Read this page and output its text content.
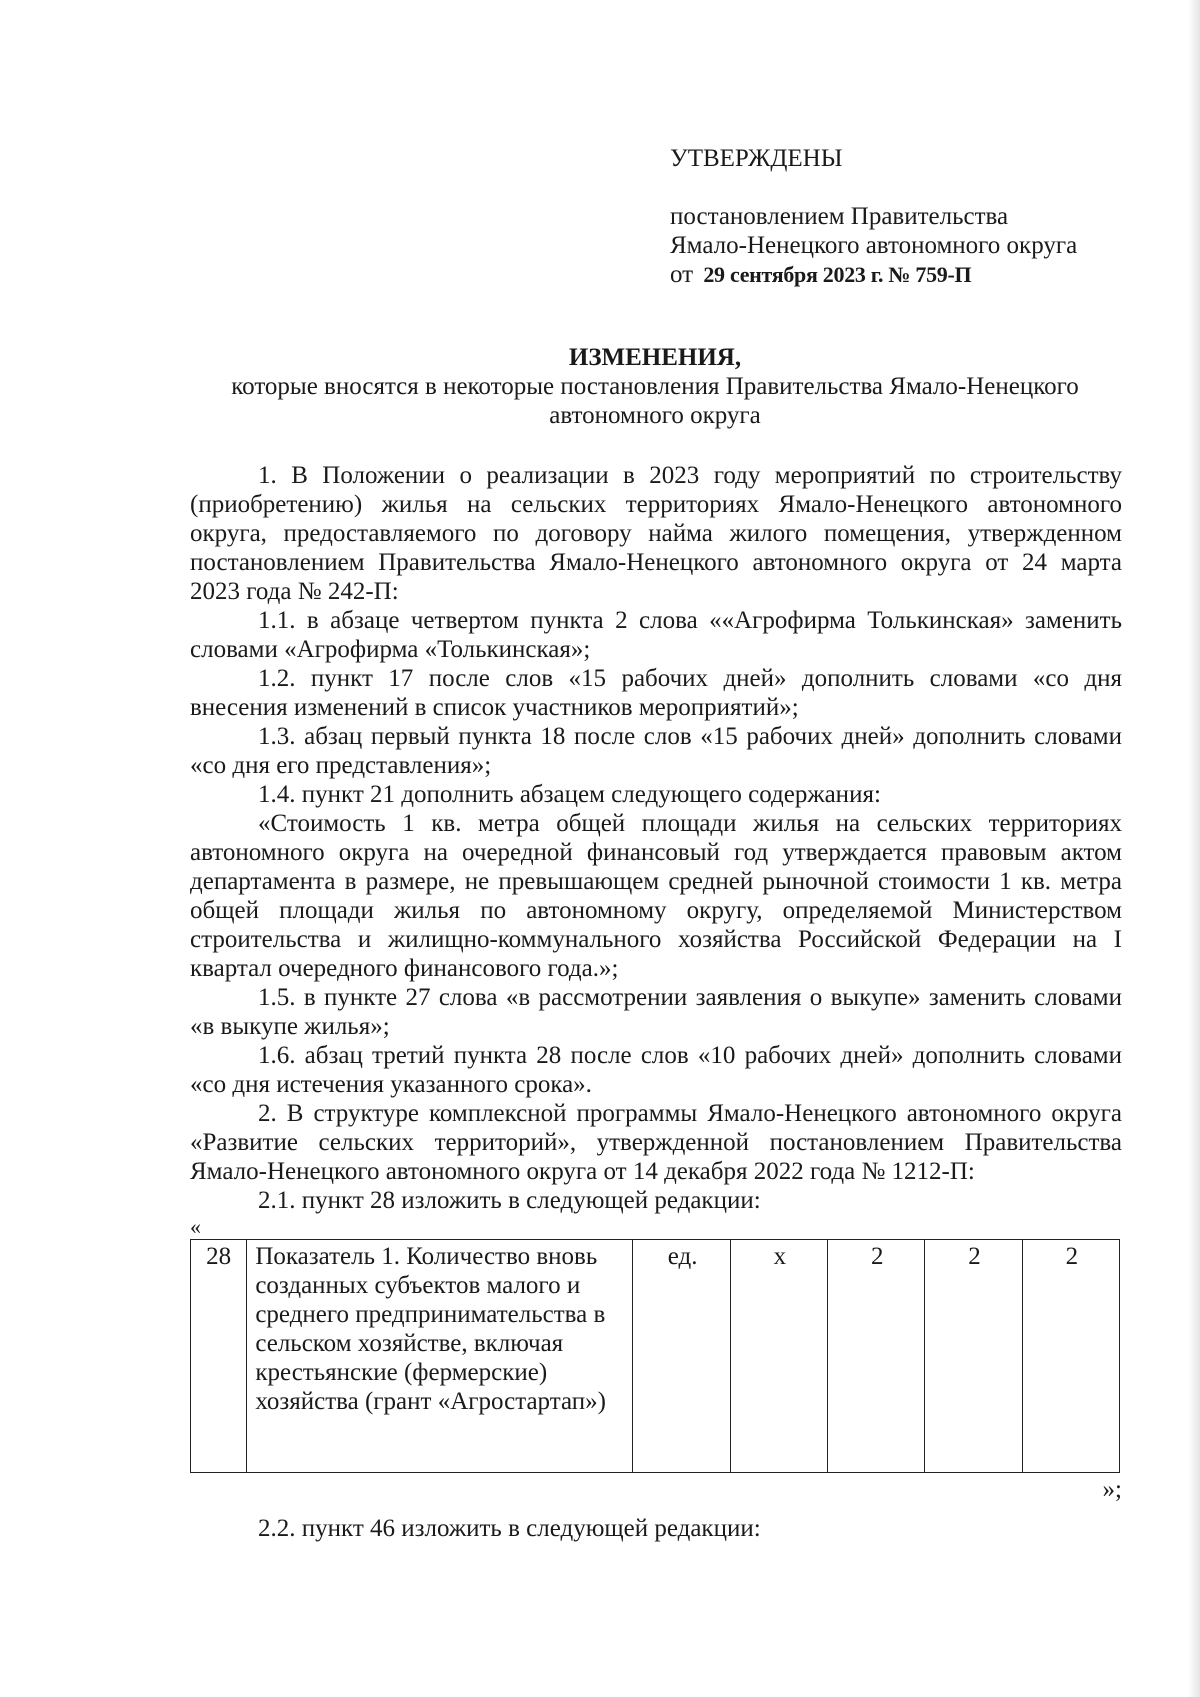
УТВЕРЖДЕНЫ

постановлением Правительства

Ямало-Ненецкого автономного округа

от 29 сентября 2023 г. № 759-П

ИЗМЕНЕНИЯ,

которые вносятся в некоторые постановления Правительства Ямало-Ненецкого автономного округа

1. В Положении о реализации в 2023 году мероприятий по строительству (приобретению) жилья на сельских территориях Ямало-Ненецкого автономного округа, предоставляемого по договору найма жилого помещения, утвержденном постановлением Правительства Ямало-Ненецкого автономного округа от 24 марта 2023 года № 242-П:

1.1. в абзаце четвертом пункта 2 слова ««Агрофирма Толькинская» заменить словами «Агрофирма «Толькинская»;

1.2. пункт 17 после слов «15 рабочих дней» дополнить словами «со дня внесения изменений в список участников мероприятий»;

1.3. абзац первый пункта 18 после слов «15 рабочих дней» дополнить словами «со дня его представления»;

1.4. пункт 21 дополнить абзацем следующего содержания:

«Стоимость 1 кв. метра общей площади жилья на сельских территориях автономного округа на очередной финансовый год утверждается правовым актом департамента в размере, не превышающем средней рыночной стоимости 1 кв. метра общей площади жилья по автономному округу, определяемой Министерством строительства и жилищно-коммунального хозяйства Российской Федерации на I квартал очередного финансового года.»;

1.5. в пункте 27 слова «в рассмотрении заявления о выкупе» заменить словами «в выкупе жилья»;

1.6. абзац третий пункта 28 после слов «10 рабочих дней» дополнить словами «со дня истечения указанного срока».

2. В структуре комплексной программы Ямало-Ненецкого автономного округа «Развитие сельских территорий», утвержденной постановлением Правительства Ямало-Ненецкого автономного округа от 14 декабря 2022 года № 1212-П:

2.1. пункт 28 изложить в следующей редакции:

«

28	Показатель 1. Количество вновь созданных субъектов малого и среднего предпринимательства в сельском хозяйстве, включая крестьянские (фермерские) хозяйства (грант «Агростартап»)	ед.	x	2	2	2

»;

2.2. пункт 46 изложить в следующей редакции:
